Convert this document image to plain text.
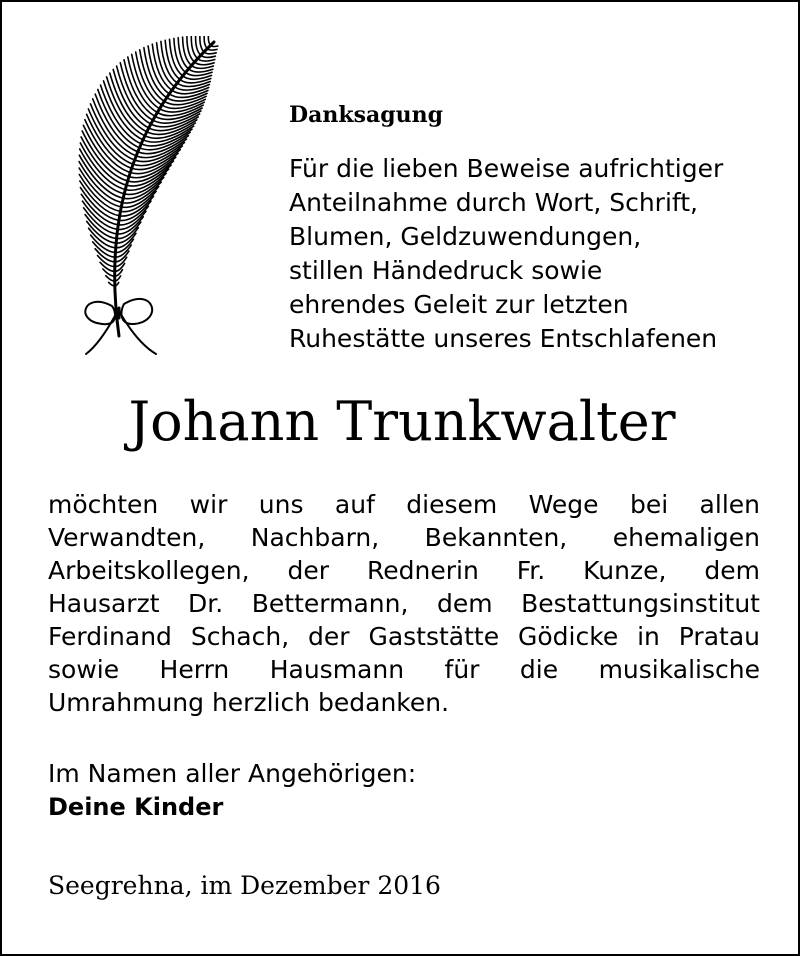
Danksagung
Für die lieben Beweise aufrichtiger
Anteilnahme durch Wort, Schrift,
Blumen, Geldzuwendungen,
stillen Händedruck sowie
ehrendes Geleit zur letzten
Ruhestätte unseres Entschlafenen
Johann Trunkwalter
möchten wir uns auf diesem Wege bei allen
Verwandten, Nachbarn, Bekannten, ehemaligen
Arbeitskollegen, der Rednerin Fr. Kunze, dem
Hausarzt Dr. Bettermann, dem Bestattungsinstitut
Ferdinand Schach, der Gaststätte Gödicke in Pratau
sowie Herrn Hausmann für die musikalische
Umrahmung herzlich bedanken.
Im Namen aller Angehörigen:
Deine Kinder
Seegrehna, im Dezember 2016
